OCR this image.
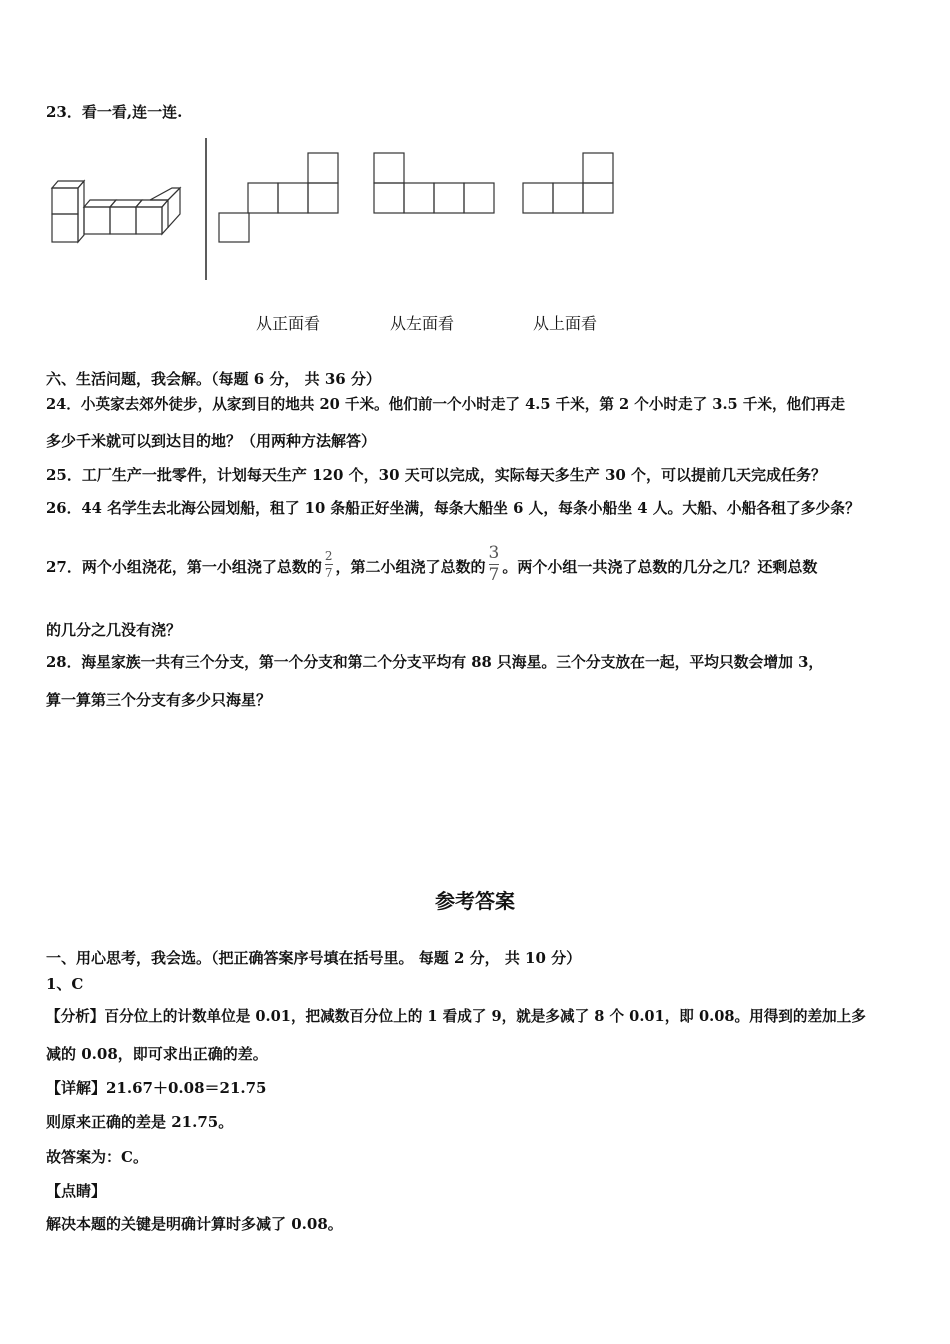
23．看一看,连一连.
从正面看	从左面看	从上面看
六、生活问题，我会解。（每题 6 分， 共 36 分）
24．小英家去郊外徒步，从家到目的地共 20 千米。他们前一个小时走了 4.5 千米，第 2 个小时走了 3.5 千米，他们再走
多少千米就可以到达目的地？（用两种方法解答）
25．工厂生产一批零件，计划每天生产 120 个，30 天可以完成，实际每天多生产 30 个，可以提前几天完成任务？
26．44 名学生去北海公园划船，租了 10 条船正好坐满，每条大船坐 6 人，每条小船坐 4 人。大船、小船各租了多少条？
27．两个小组浇花，第一小组浇了总数的 $\frac{2}{7}$ ，第二小组浇了总数的 $\frac{3}{7}$ 。两个小组一共浇了总数的几分之几？还剩总数
的几分之几没有浇？
28．海星家族一共有三个分支，第一个分支和第二个分支平均有 88 只海星。三个分支放在一起，平均只数会增加 3，
算一算第三个分支有多少只海星？
参考答案
一、用心思考，我会选。（把正确答案序号填在括号里。 每题 2 分， 共 10 分）
1、C
【分析】百分位上的计数单位是 0.01，把减数百分位上的 1 看成了 9，就是多减了 8 个 0.01，即 0.08。用得到的差加上多
减的 0.08，即可求出正确的差。
【详解】21.67＋0.08＝21.75
则原来正确的差是 21.75。
故答案为：C。
【点睛】
解决本题的关键是明确计算时多减了 0.08。
